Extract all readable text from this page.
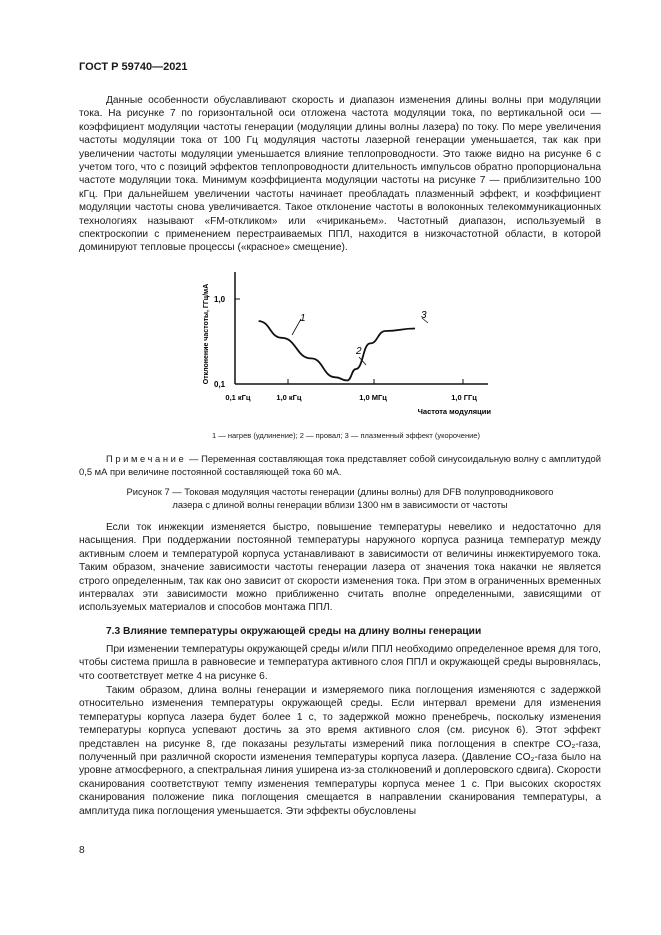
ГОСТ Р 59740—2021

Данные особенности обуславливают скорость и диапазон изменения длины волны при модуляции тока. На рисунке 7 по горизонтальной оси отложена частота модуляции тока, по вертикальной оси — коэффициент модуляции частоты генерации (модуляции длины волны лазера) по току. По мере увеличения частоты модуляции тока от 100 Гц модуляция частоты лазерной генерации уменьшается, так как при увеличении частоты модуляции уменьшается влияние теплопроводности. Это также видно на рисунке 6 с учетом того, что с позиций эффектов теплопроводности длительность импульсов обратно пропорциональна частоте модуляции тока. Минимум коэффициента модуляции частоты на рисунке 7 — приблизительно 100 кГц. При дальнейшем увеличении частоты начинает преобладать плазменный эффект, и коэффициент модуляции частоты снова увеличивается. Такое отклонение частоты в волоконных телекоммуникационных технологиях называют «FM-откликом» или «чириканьем». Частотный диапазон, используемый в спектроскопии с применением перестраиваемых ППЛ, находится в низкочастотной области, в которой доминируют тепловые процессы («красное» смещение).

1,0
0,1
Отклонение частоты, ГГц/мА
0,1 кГц	1,0 кГц	1,0 МГц	1,0 ГГц
Частота модуляции
1
2
3
1 — нагрев (удлинение); 2 — провал; 3 — плазменный эффект (укорочение)

Примечание — Переменная составляющая тока представляет собой синусоидальную волну с амплитудой 0,5 мА при величине постоянной составляющей тока 60 мА.

Рисунок 7 — Токовая модуляция частоты генерации (длины волны) для DFB полупроводникового
лазера с длиной волны генерации вблизи 1300 нм в зависимости от частоты

Если ток инжекции изменяется быстро, повышение температуры невелико и недостаточно для насыщения. При поддержании постоянной температуры наружного корпуса разница температур между активным слоем и температурой корпуса устанавливают в зависимости от величины инжектируемого тока. Таким образом, значение зависимости частоты генерации лазера от значения тока накачки не является строго определенным, так как оно зависит от скорости изменения тока. При этом в ограниченных временных интервалах эти зависимости можно приближенно считать вполне определенными, зависящими от используемых материалов и способов монтажа ППЛ.

7.3 Влияние температуры окружающей среды на длину волны генерации

При изменении температуры окружающей среды и/или ППЛ необходимо определенное время для того, чтобы система пришла в равновесие и температура активного слоя ППЛ и окружающей среды выровнялась, что соответствует метке 4 на рисунке 6.

Таким образом, длина волны генерации и измеряемого пика поглощения изменяются с задержкой относительно изменения температуры окружающей среды. Если интервал времени для изменения температуры корпуса лазера будет более 1 с, то задержкой можно пренебречь, поскольку изменения температуры корпуса успевают достичь за это время активного слоя (см. рисунок 6). Этот эффект представлен на рисунке 8, где показаны результаты измерений пика поглощения в спектре CO₂-газа, полученный при различной скорости изменения температуры корпуса лазера. (Давление CO₂-газа было на уровне атмосферного, а спектральная линия уширена из-за столкновений и доплеровского сдвига). Скорости сканирования соответствуют темпу изменения температуры корпуса менее 1 с. При высоких скоростях сканирования положение пика поглощения смещается в направлении сканирования температуры, а амплитуда пика поглощения уменьшается. Эти эффекты обусловлены

8
